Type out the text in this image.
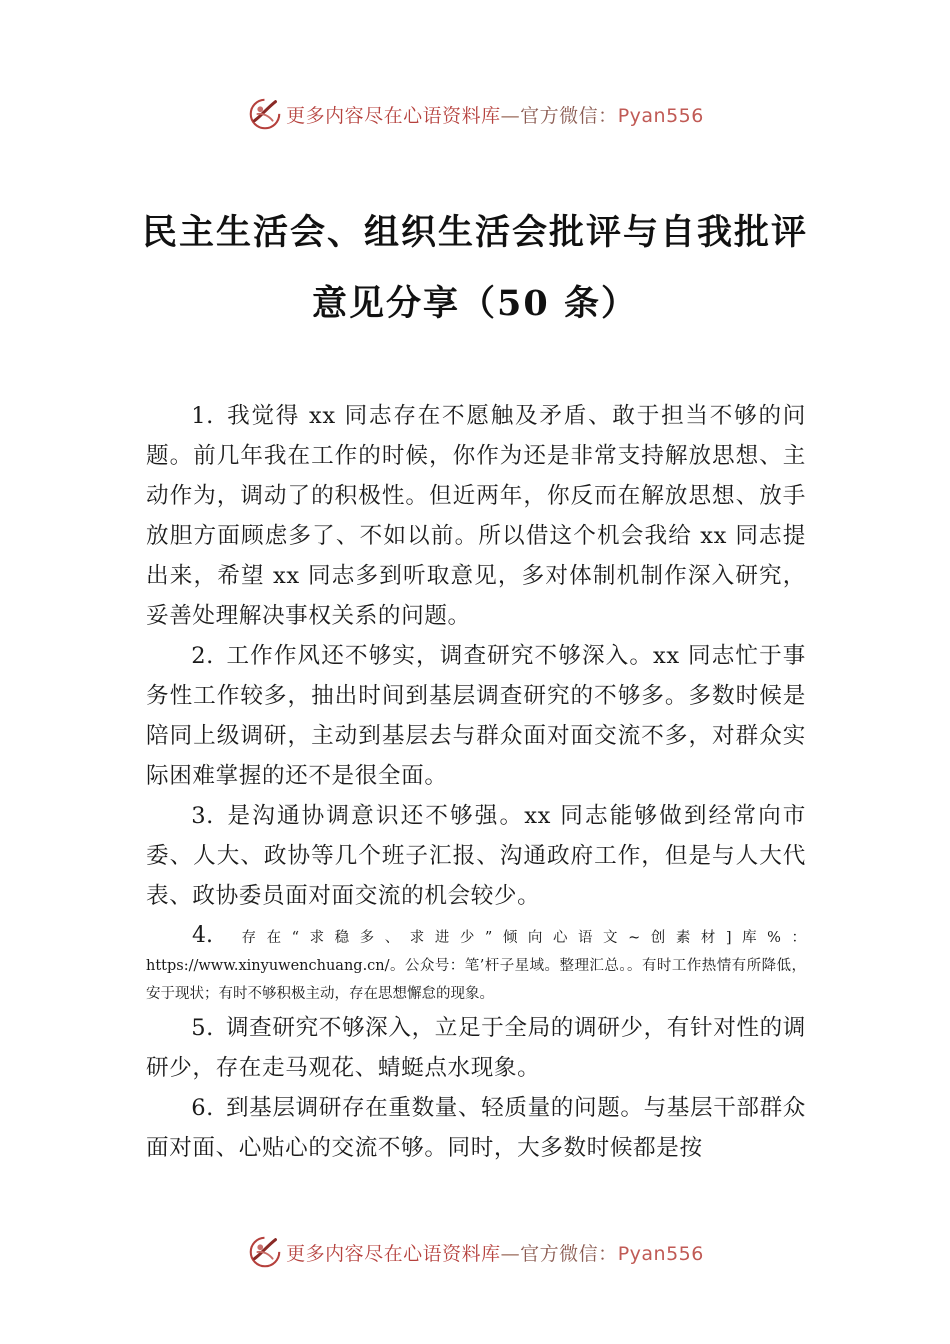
更多内容尽在心语资料库—官方微信：Pyan556
民主生活会、组织生活会批评与自我批评
意见分享（50 条）

1. 我觉得 xx 同志存在不愿触及矛盾、敢于担当不够的问题。前几年我在工作的时候，你作为还是非常支持解放思想、主动作为，调动了的积极性。但近两年，你反而在解放思想、放手放胆方面顾虑多了、不如以前。所以借这个机会我给 xx 同志提出来，希望 xx 同志多到听取意见，多对体制机制作深入研究，妥善处理解决事权关系的问题。

2. 工作作风还不够实，调查研究不够深入。xx 同志忙于事务性工作较多，抽出时间到基层调查研究的不够多。多数时候是陪同上级调研，主动到基层去与群众面对面交流不多，对群众实际困难掌握的还不是很全面。

3. 是沟通协调意识还不够强。xx 同志能够做到经常向市委、人大、政协等几个班子汇报、沟通政府工作，但是与人大代表、政协委员面对面交流的机会较少。

4. 存在“求稳多、求进少”倾向心语文~创素材]库%：https://www.xinyuwenchuang.cn/。公众号：笔’杆子星域。整理汇总。。有时工作热情有所降低，安于现状；有时不够积极主动，存在思想懈怠的现象。

5. 调查研究不够深入，立足于全局的调研少，有针对性的调研少，存在走马观花、蜻蜓点水现象。

6. 到基层调研存在重数量、轻质量的问题。与基层干部群众面对面、心贴心的交流不够。同时，大多数时候都是按

更多内容尽在心语资料库—官方微信：Pyan556
